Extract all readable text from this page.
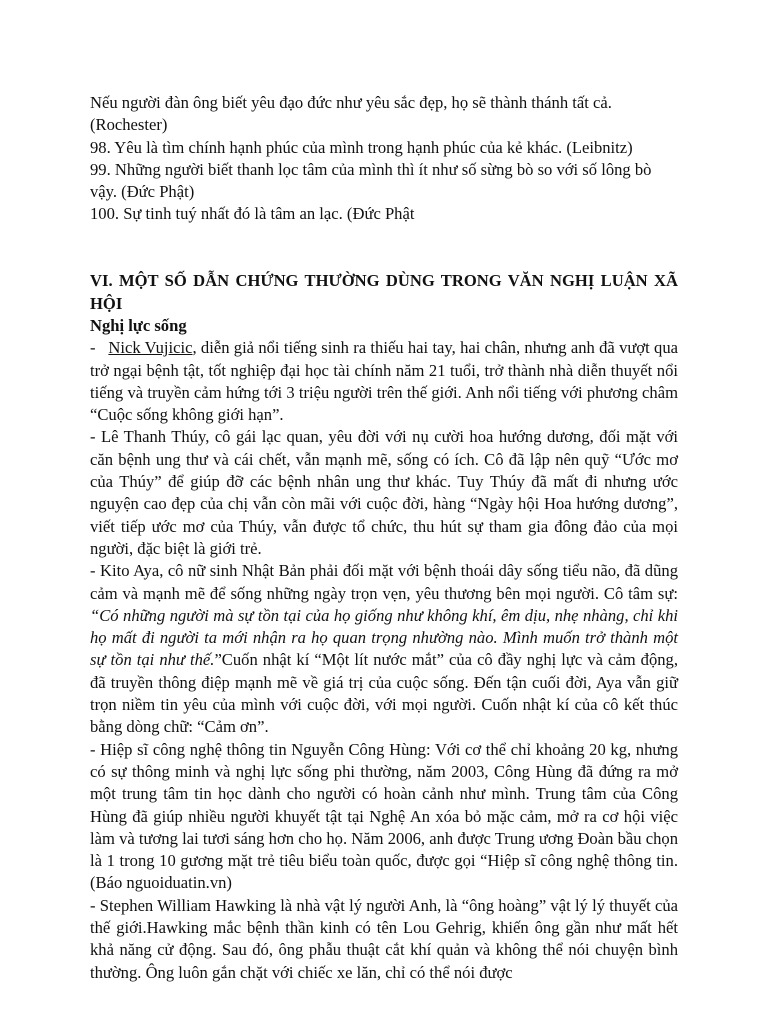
Nếu người đàn ông biết yêu đạo đức như yêu sắc đẹp, họ sẽ thành thánh tất cả. (Rochester)

98. Yêu là tìm chính hạnh phúc của mình trong hạnh phúc của kẻ khác. (Leibnitz)

99. Những người biết thanh lọc tâm của mình thì ít như số sừng bò so với số lông bò vậy. (Đức Phật)

100. Sự tinh tuý nhất đó là tâm an lạc. (Đức Phật

VI. MỘT SỐ DẪN CHỨNG THƯỜNG DÙNG TRONG VĂN NGHỊ LUẬN XÃ HỘI

Nghị lực sống

-   Nick Vujicic, diễn giả nổi tiếng sinh ra thiếu hai tay, hai chân, nhưng anh đã vượt qua trở ngại bệnh tật, tốt nghiệp đại học tài chính năm 21 tuổi, trở thành nhà diễn thuyết nổi tiếng và truyền cảm hứng tới 3 triệu người trên thế giới. Anh nổi tiếng với phương châm “Cuộc sống không giới hạn”.

- Lê Thanh Thúy, cô gái lạc quan, yêu đời với nụ cười hoa hướng dương, đối mặt với căn bệnh ung thư và cái chết, vẫn mạnh mẽ, sống có ích. Cô đã lập nên quỹ “Ước mơ của Thúy” để giúp đỡ các bệnh nhân ung thư khác. Tuy Thúy đã mất đi nhưng ước nguyện cao đẹp của chị vẫn còn mãi với cuộc đời, hàng “Ngày hội Hoa hướng dương”, viết tiếp ước mơ của Thúy, vẫn được tổ chức, thu hút sự tham gia đông đảo của mọi người, đặc biệt là giới trẻ.

- Kito Aya, cô nữ sinh Nhật Bản phải đối mặt với bệnh thoái dây sống tiểu não, đã dũng cảm và mạnh mẽ để sống những ngày trọn vẹn, yêu thương bên mọi người. Cô tâm sự: “Có những người mà sự tồn tại của họ giống như không khí, êm dịu, nhẹ nhàng, chỉ khi họ mất đi người ta mới nhận ra họ quan trọng nhường nào. Mình muốn trở thành một sự tồn tại như thế.”Cuốn nhật kí “Một lít nước mắt” của cô đầy nghị lực và cảm động, đã truyền thông điệp mạnh mẽ về giá trị của cuộc sống. Đến tận cuối đời, Aya vẫn giữ trọn niềm tin yêu của mình với cuộc đời, với mọi người. Cuốn nhật kí của cô kết thúc bằng dòng chữ: “Cảm ơn”.

- Hiệp sĩ công nghệ thông tin Nguyễn Công Hùng: Với cơ thể chỉ khoảng 20 kg, nhưng có sự thông minh và nghị lực sống phi thường, năm 2003, Công Hùng đã đứng ra mở một trung tâm tin học dành cho người có hoàn cảnh như mình. Trung tâm của Công Hùng đã giúp nhiều người khuyết tật tại Nghệ An xóa bỏ mặc cảm, mở ra cơ hội việc làm và tương lai tươi sáng hơn cho họ. Năm 2006, anh được Trung ương Đoàn bầu chọn là 1 trong 10 gương mặt trẻ tiêu biểu toàn quốc, được gọi “Hiệp sĩ công nghệ thông tin. (Báo nguoiduatin.vn)

- Stephen William Hawking là nhà vật lý người Anh, là “ông hoàng” vật lý lý thuyết của thế giới.Hawking mắc bệnh thần kinh có tên Lou Gehrig, khiến ông gần như mất hết khả năng cử động. Sau đó, ông phẫu thuật cắt khí quản và không thể nói chuyện bình thường. Ông luôn gắn chặt với chiếc xe lăn, chỉ có thể nói được
